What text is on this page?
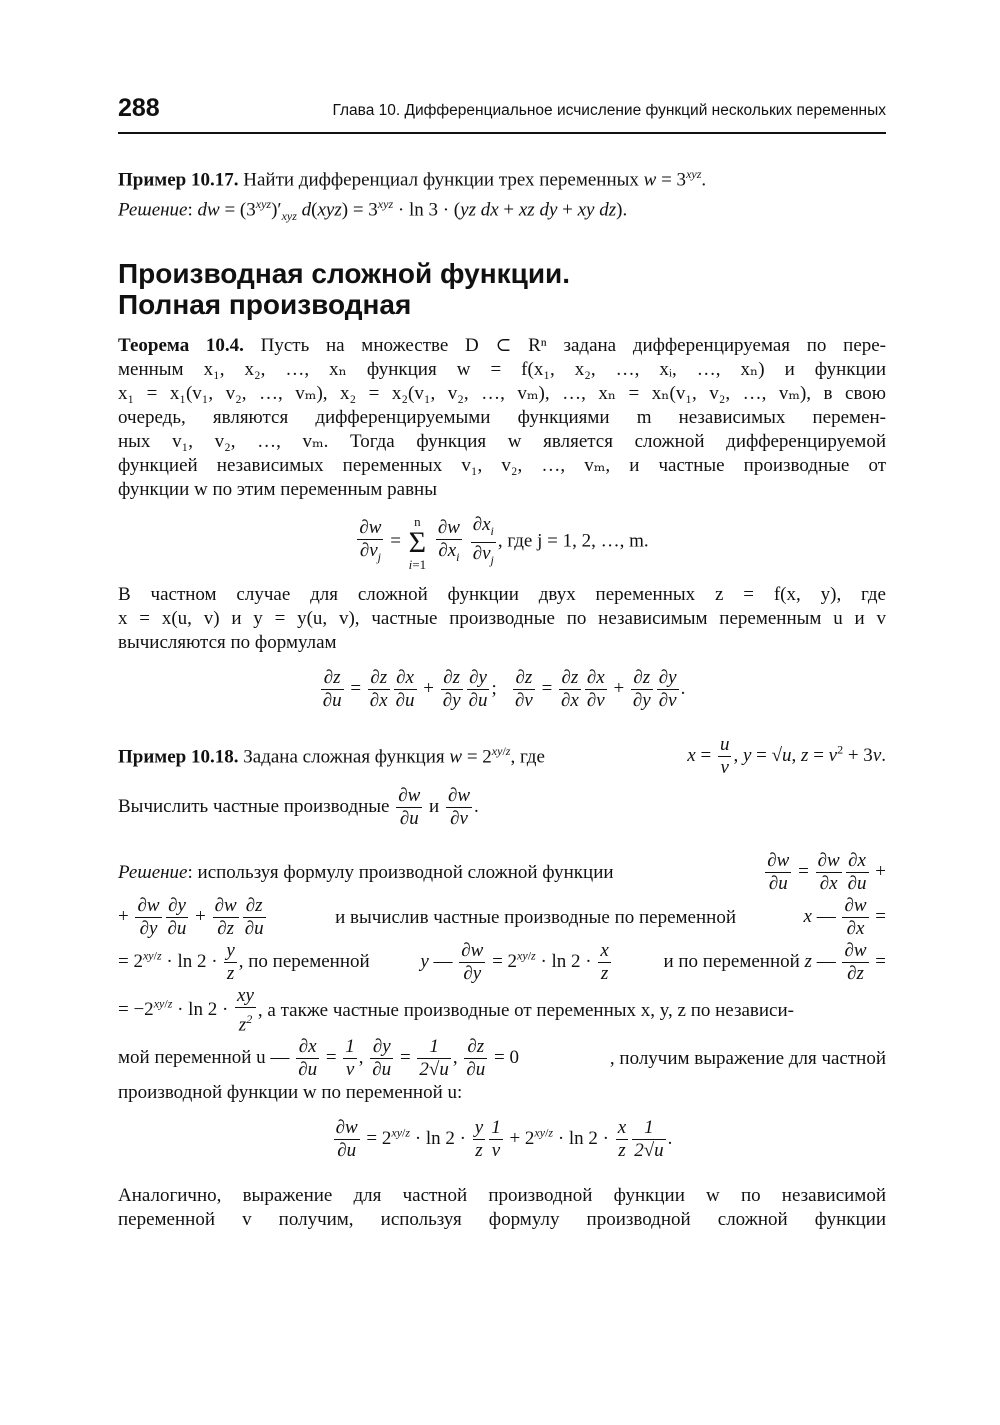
288	Глава 10. Дифференциальное исчисление функций нескольких переменных

Пример 10.17. Найти дифференциал функции трех переменных $w = 3^{xyz}$.

Решение: dw = $(3^{xyz})'_{xyz}$ $d(xyz) = 3^{xyz} \cdot \ln 3 \cdot (yz$ dx + xz dy + xy dz).

Производная сложной функции.
Полная производная

Теорема 10.4. Пусть на множестве D ⊂ Rⁿ задана дифференцируемая по пере-

менным x₁, x₂, …, xₙ функция w = f(x₁, x₂, …, xᵢ, …, xₙ) и функции

x₁ = x₁(v₁, v₂, …, vₘ), x₂ = x₂(v₁, v₂, …, vₘ), …, xₙ = xₙ(v₁, v₂, …, vₘ), в свою

очередь, являются дифференцируемыми функциями m независимых перемен-

ных v₁, v₂, …, vₘ. Тогда функция w является сложной дифференцируемой

функцией независимых переменных v₁, v₂, …, vₘ, и частные производные от

функции w по этим переменным равны

$\frac{\partial w}{\partial v_j} = n$
Σ
$i=1 \frac{\partial w}{\partial x_i}$
$\frac{\partial x_i}{\partial v_j}$ , где j = 1, 2, …, m.

В частном случае для сложной функции двух переменных z = f(x, y), где

x = x(u, v) и y = y(u, v), частные производные по независимым переменным u и v

вычисляются по формулам

$\frac{\partial z}{\partial u} = \frac{\partial z}{\partial x} \frac{\partial x}{\partial u} + \frac{\partial z}{\partial y} \frac{\partial y}{\partial u}$ ; $\frac{\partial z}{\partial v} = \frac{\partial z}{\partial x} \frac{\partial x}{\partial v} + \frac{\partial z}{\partial y} \frac{\partial y}{\partial v}$ .
Пример 10.18. Задана сложная функция $w = 2^{xy/z}$, где	$x = \frac{u}{v}$ , y = √u, $z = v^2 + 3v$.

Вычислить частные производные $\frac{\partial w}{\partial u}$ и $\frac{\partial w}{\partial v}$ .

Решение: используя формулу производной сложной функции	$\frac{\partial w}{\partial u} = \frac{\partial w}{\partial x} \frac{\partial x}{\partial u}$ +
+ $\frac{\partial w}{\partial y} \frac{\partial y}{\partial u} + \frac{\partial w}{\partial z} \frac{\partial z}{\partial u}$	и вычислив частные производные по переменной	x — $\frac{\partial w}{\partial x}$ =
= $2^{xy/z} \cdot \ln 2 \cdot \frac{y}{z}$ , по переменной	y — $\frac{\partial w}{\partial y} = 2^{xy/z} \cdot \ln 2 \cdot \frac{x}{z}$	и по переменной z — $\frac{\partial w}{\partial z}$ =
= $-2^{xy/z} \cdot \ln 2 \cdot \frac{xy}{z^2}$ , а также частные производные от переменных x, y, z по независи-
мой переменной u — $\frac{\partial x}{\partial u} = \frac{1}{v}$ , $\frac{\partial y}{\partial u} = \frac{1}{2√u}$ , $\frac{\partial z}{\partial u} = 0$	, получим выражение для частной

производной функции w по переменной u:

$\frac{\partial w}{\partial u} = 2^{xy/z} \cdot \ln 2 \cdot \frac{y}{z} \frac{1}{v} + 2^{xy/z} \cdot \ln 2 \cdot \frac{x}{z} \frac{1}{2√u}$ .

Аналогично, выражение для частной производной функции w по независимой

переменной v получим, используя формулу производной сложной функции
